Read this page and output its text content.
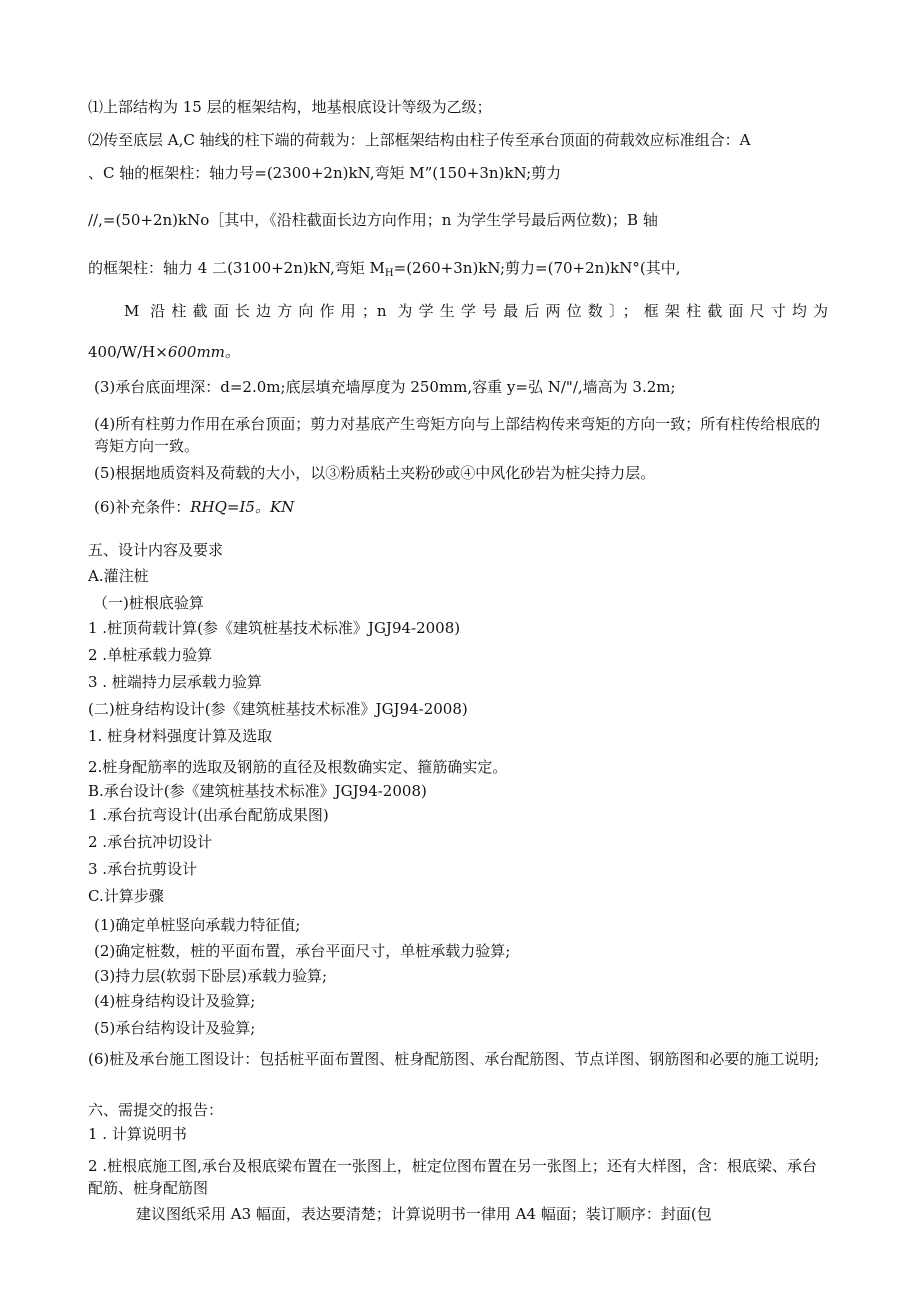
⑴上部结构为 15 层的框架结构，地基根底设计等级为乙级；
⑵传至底层 A,C 轴线的柱下端的荷载为：上部框架结构由柱子传至承台顶面的荷载效应标准组合：A
、C 轴的框架柱：轴力号=(2300+2n)kN,弯矩 M”(150+3n)kN;剪力
//,=(50+2n)kNo［其中，《沿柱截面长边方向作用；n 为学生学号最后两位数)；B 轴
的框架柱：轴力 4 二(3100+2n)kN,弯矩 $M_H=(260+3n)kN$;剪力=(70+2n)kN°(其中,
M 沿柱截面长边方向作用；n 为学生学号最后两位数〕；框架柱截面尺寸均为
400/W/H×600mm。
(3)承台底面埋深：d=2.0m;底层填充墙厚度为 250mm,容重 y=弘 N/"/,墙高为 3.2m;
(4)所有柱剪力作用在承台顶面；剪力对基底产生弯矩方向与上部结构传来弯矩的方向一致；所有柱传给根底的弯矩方向一致。
(5)根据地质资料及荷载的大小，以③粉质粘土夹粉砂或④中风化砂岩为桩尖持力层。
(6)补充条件：RHQ=I5。KN
五、设计内容及要求
A.灌注桩
（一)桩根底验算
1 .桩顶荷载计算(参《建筑桩基技术标准》JGJ94-2008)
2 .单桩承载力验算
3 . 桩端持力层承载力验算
(二)桩身结构设计(参《建筑桩基技术标准》JGJ94-2008)
1. 桩身材料强度计算及选取
2.桩身配筋率的选取及钢筋的直径及根数确实定、箍筋确实定。
B.承台设计(参《建筑桩基技术标准》JGJ94-2008)
1 .承台抗弯设计(出承台配筋成果图)
2 .承台抗冲切设计
3 .承台抗剪设计
C.计算步骤
(1)确定单桩竖向承载力特征值;
(2)确定桩数，桩的平面布置，承台平面尺寸，单桩承载力验算;
(3)持力层(软弱下卧层)承载力验算;
(4)桩身结构设计及验算;
(5)承台结构设计及验算;
(6)桩及承台施工图设计：包括桩平面布置图、桩身配筋图、承台配筋图、节点详图、钢筋图和必要的施工说明;
六、需提交的报告：
1 . 计算说明书
2 .桩根底施工图,承台及根底梁布置在一张图上，桩定位图布置在另一张图上；还有大样图，含：根底梁、承台配筋、桩身配筋图
建议图纸采用 A3 幅面，表达要清楚；计算说明书一律用 A4 幅面；装订顺序：封面(包
